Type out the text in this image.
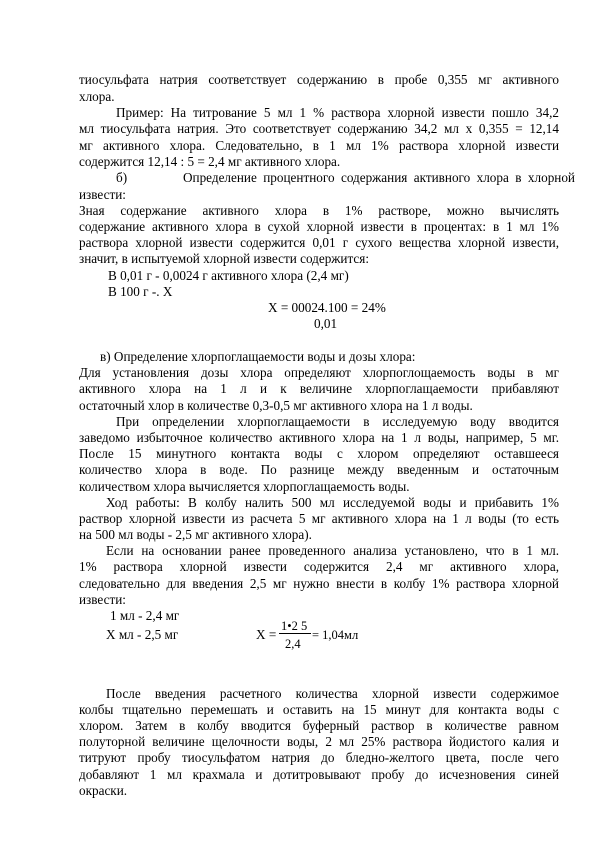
тиосульфата натрия соответствует содержанию в пробе 0,355 мг активного
хлора.
Пример: На титрование 5 мл 1 % раствора хлорной извести пошло 34,2
мл тиосульфата натрия. Это соответствует содержанию 34,2 мл х 0,355 = 12,14
мг активного хлора. Следовательно, в 1 мл 1% раствора хлорной извести
содержится 12,14 : 5 = 2,4 мг активного хлора.
б)	Определение процентного содержания активного хлора в хлорной
извести:
Зная содержание активного хлора в 1% растворе, можно вычислять
содержание активного хлора в сухой хлорной извести в процентах: в 1 мл 1%
раствора хлорной извести содержится 0,01 г сухого вещества хлорной извести,
значит, в испытуемой хлорной извести содержится:
В 0,01 г - 0,0024 г активного хлора (2,4 мг)
В 100 г -. Х
Х = 00024.100 = 24%
0,01
в) Определение хлорпоглащаемости воды и дозы хлора:
Для установления дозы хлора определяют хлорпоглощаемость воды в мг
активного хлора на 1 л и к величине хлорпоглащаемости прибавляют
остаточный хлор в количестве 0,3-0,5 мг активного хлора на 1 л воды.
При определении хлорпоглащаемости в исследуемую воду вводится
заведомо избыточное количество активного хлора на 1 л воды, например, 5 мг.
После 15 минутного контакта воды с хлором определяют оставшееся
количество хлора в воде. По разнице между введенным и остаточным
количеством хлора вычисляется хлорпоглащаемость воды.
Ход работы: В колбу налить 500 мл исследуемой воды и прибавить 1%
раствор хлорной извести из расчета 5 мг активного хлора на 1 л воды (то есть
на 500 мл воды - 2,5 мг активного хлора).
Если на основании ранее проведенного анализа установлено, что в 1 мл.
1% раствора хлорной извести содержится 2,4 мг активного хлора,
следовательно для введения 2,5 мг нужно внести в колбу 1% раствора хлорной
извести:
1 мл - 2,4 мг
Х мл - 2,5 мг	Х =
1•2 5
2,4
= 1,04мл
После введения расчетного количества хлорной извести содержимое
колбы тщательно перемешать и оставить на 15 минут для контакта воды с
хлором. Затем в колбу вводится буферный раствор в количестве равном
полуторной величине щелочности воды, 2 мл 25% раствора йодистого калия и
титруют пробу тиосульфатом натрия до бледно-желтого цвета, после чего
добавляют 1 мл крахмала и дотитровывают пробу до исчезновения синей
окраски.
